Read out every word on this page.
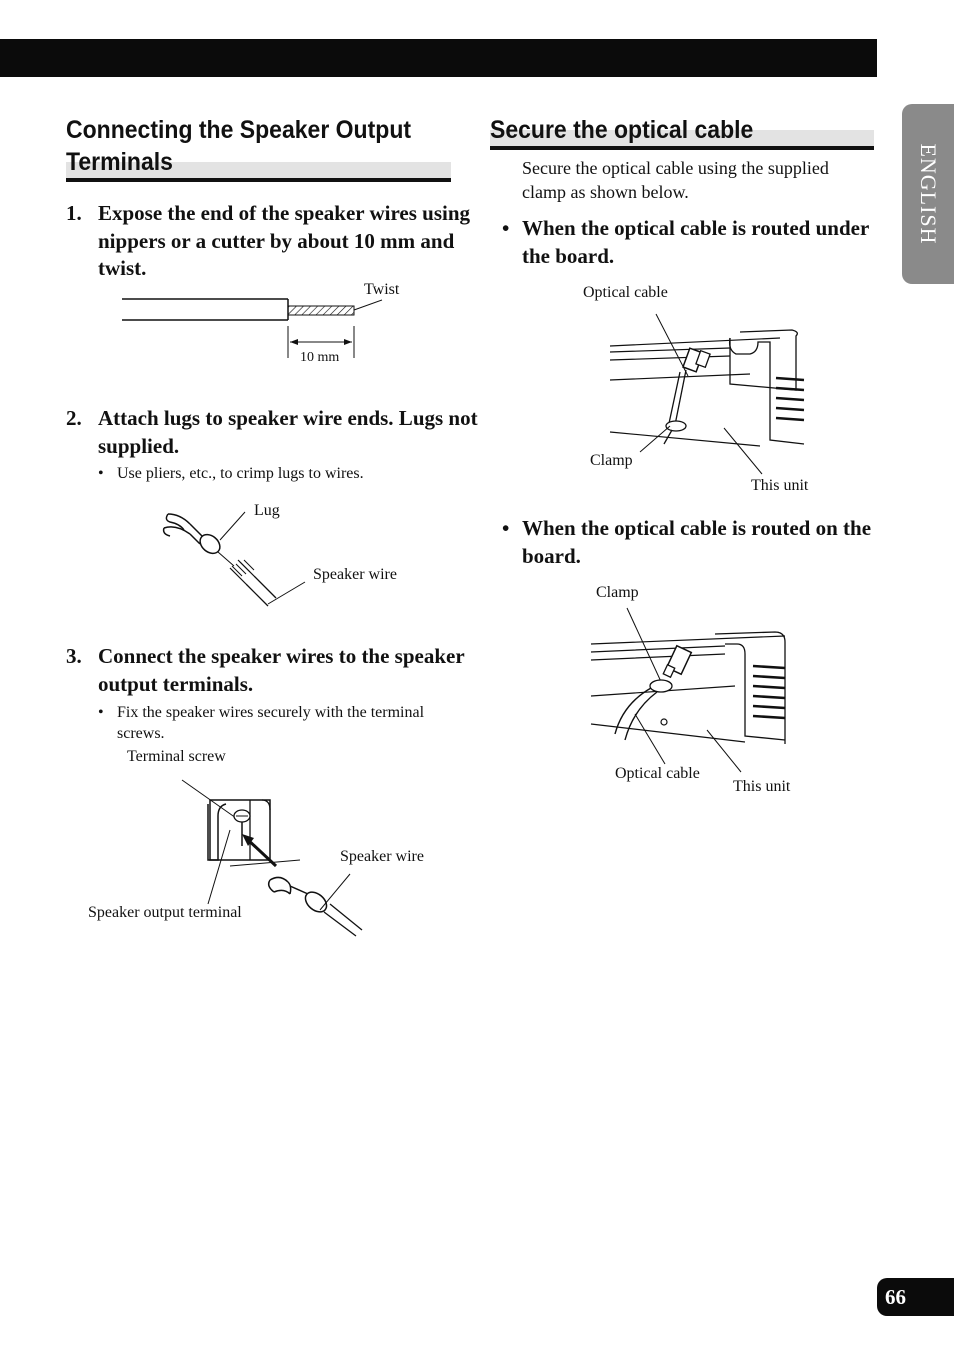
ENGLISH
Connecting the Speaker Output
Terminals

1. Expose the end of the speaker wires using nippers or a cutter by about 10 mm and twist.

Twist
10 mm

2. Attach lugs to speaker wire ends. Lugs not supplied.

• Use pliers, etc., to crimp lugs to wires.

Lug
Speaker wire

3. Connect the speaker wires to the speaker output terminals.

• Fix the speaker wires securely with the terminal screws.

Terminal screw
Speaker wire
Speaker output terminal
Secure the optical cable

Secure the optical cable using the supplied clamp as shown below.

• When the optical cable is routed under the board.

Optical cable
Clamp
This unit

• When the optical cable is routed on the board.

Clamp
Optical cable
This unit
66
